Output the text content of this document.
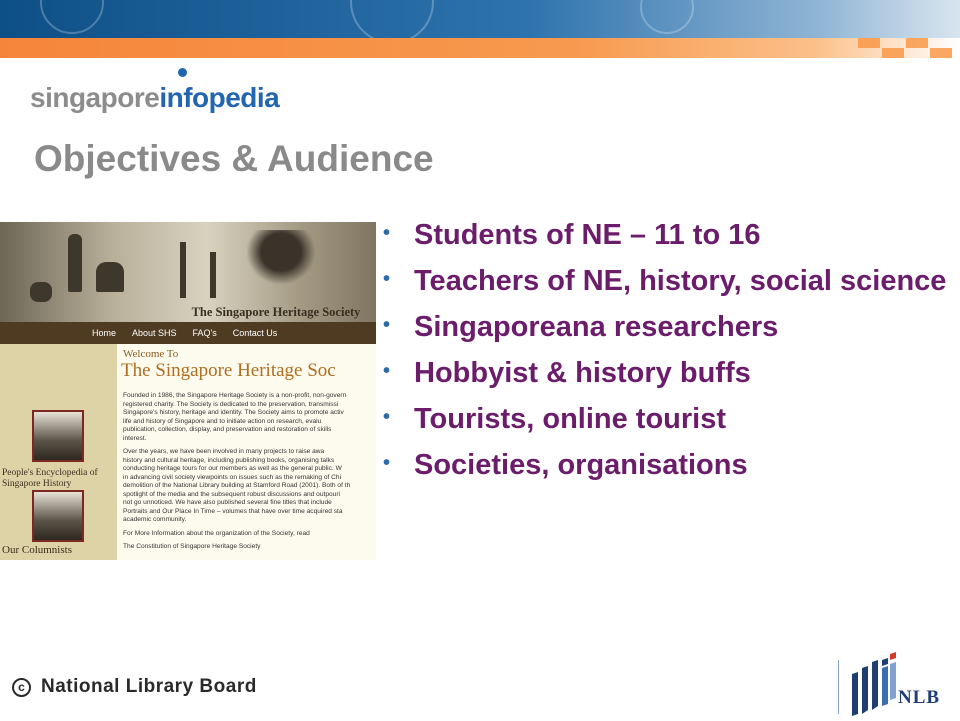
singaporeinfopedia
Objectives & Audience
The Singapore Heritage Society
Home About SHS FAQ's Contact Us
People's Encyclopedia of Singapore History
Our Columnists
Welcome To
The Singapore Heritage Soc

Founded in 1986, the Singapore Heritage Society is a non-profit, non-govern

registered charity. The Society is dedicated to the preservation, transmissi

Singapore's history, heritage and identity. The Society aims to promote activ

life and history of Singapore and to initiate action on research, evalu

publication, collection, display, and preservation and restoration of skills

interest.

Over the years, we have been involved in many projects to raise awa

history and cultural heritage, including publishing books, organising talks

conducting heritage tours for our members as well as the general public. W

in advancing civil society viewpoints on issues such as the remaking of Chi

demolition of the National Library building at Stamford Road (2001). Both of th

spotlight of the media and the subsequent robust discussions and outpouri

not go unnoticed. We have also published several fine titles that include

Portraits and Our Place In Time – volumes that have over time acquired sta

academic community.

For More Information about the organization of the Society, read

The Constitution of Singapore Heritage Society

• Students of NE – 11 to 16
• Teachers of NE, history, social science
• Singaporeana researchers
• Hobbyist & history buffs
• Tourists, online tourist
• Societies, organisations
c National Library Board
NLB
